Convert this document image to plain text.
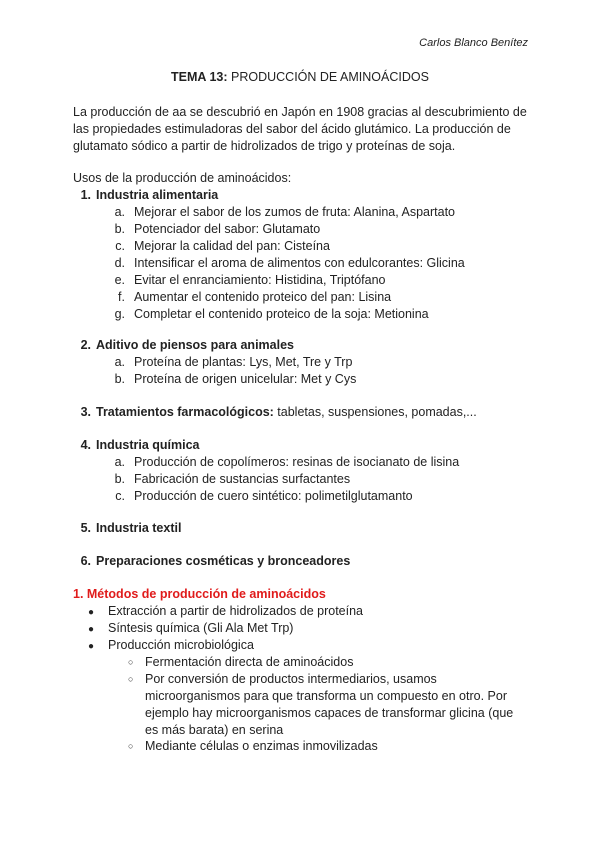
Carlos Blanco Benítez
TEMA 13: PRODUCCIÓN DE AMINOÁCIDOS
La producción de aa se descubrió en Japón en 1908 gracias al descubrimiento de las propiedades estimuladoras del sabor del ácido glutámico. La producción de glutamato sódico a partir de hidrolizados de trigo y proteínas de soja.
Usos de la producción de aminoácidos:
1. Industria alimentaria
a. Mejorar el sabor de los zumos de fruta: Alanina, Aspartato
b. Potenciador del sabor: Glutamato
c. Mejorar la calidad del pan: Cisteína
d. Intensificar el aroma de alimentos con edulcorantes: Glicina
e. Evitar el enranciamiento: Histidina, Triptófano
f. Aumentar el contenido proteico del pan: Lisina
g. Completar el contenido proteico de la soja: Metionina
2. Aditivo de piensos para animales
a. Proteína de plantas: Lys, Met, Tre y Trp
b. Proteína de origen unicelular: Met y Cys
3. Tratamientos farmacológicos: tabletas, suspensiones, pomadas,...
4. Industria química
a. Producción de copolímeros: resinas de isocianato de lisina
b. Fabricación de sustancias surfactantes
c. Producción de cuero sintético: polimetilglutamanto
5. Industria textil
6. Preparaciones cosméticas y bronceadores
1. Métodos de producción de aminoácidos
● Extracción a partir de hidrolizados de proteína
● Síntesis química (Gli Ala Met Trp)
● Producción microbiológica
○ Fermentación directa de aminoácidos
○ Por conversión de productos intermediarios, usamos microorganismos para que transforma un compuesto en otro. Por ejemplo hay microorganismos capaces de transformar glicina (que es más barata) en serina
○ Mediante células o enzimas inmovilizadas
